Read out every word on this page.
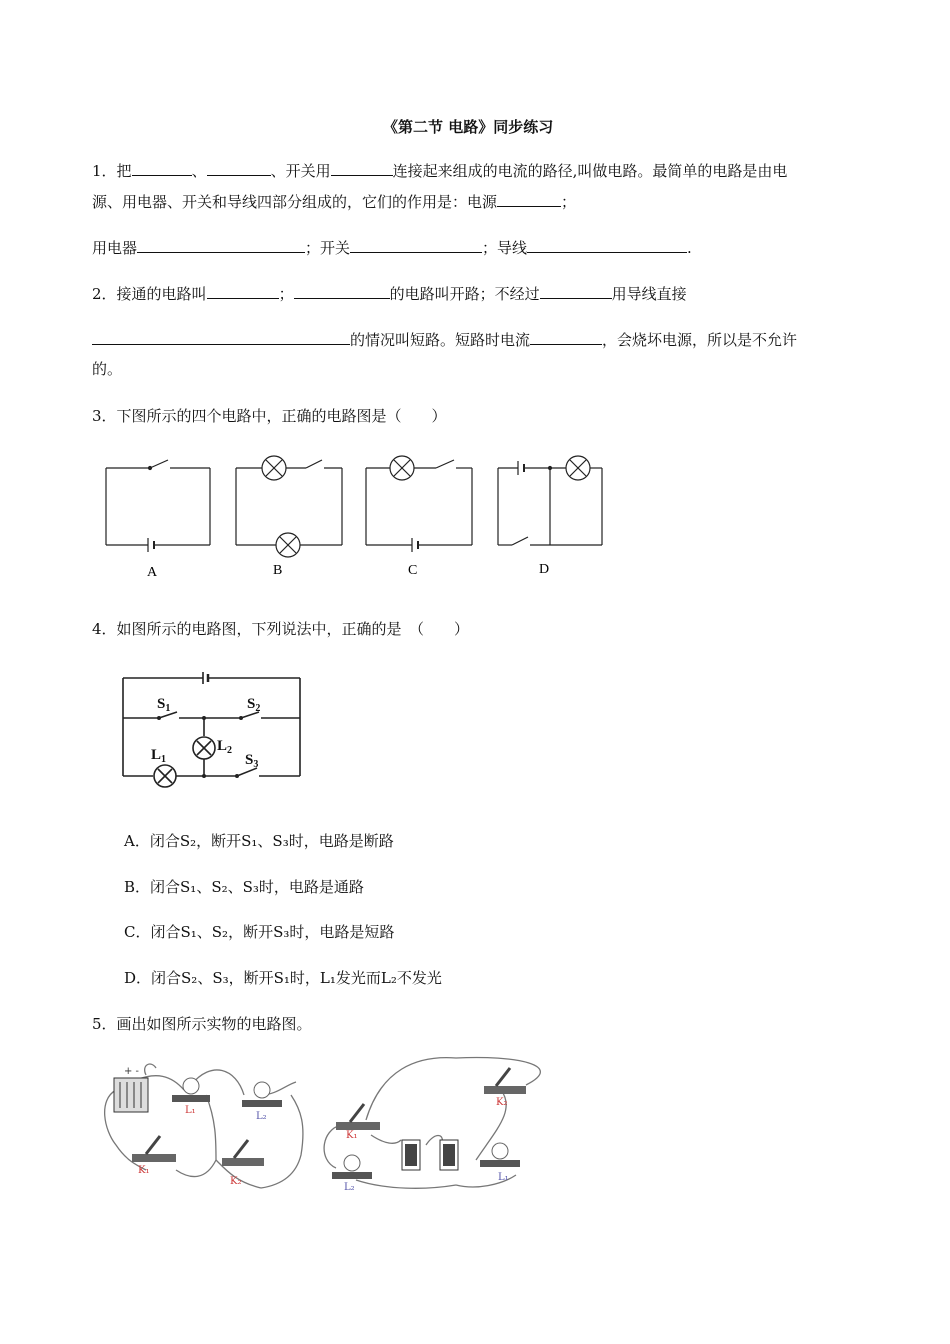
《第二节 电路》同步练习
1．把	、	、开关用	连接起来组成的电流的路径,叫做电路。最简单的电路是由电
源、用电器、开关和导线四部分组成的，它们的作用是：电源	；
用电器	；开关	；导线	.
2．接通的电路叫	；	的电路叫开路；不经过	用导线直接
的情况叫短路。短路时电流	，会烧坏电源，所以是不允许
的。
3．下图所示的四个电路中，正确的电路图是（　　）
A	B	C	D
4．如图所示的电路图，下列说法中，正确的是　（　　）
$S_1$	$S_2$
$S_3$
$L_1$
$L_2$
A．闭合S₂，断开S₁、S₃时，电路是断路
B．闭合S₁、S₂、S₃时，电路是通路
C．闭合S₁、S₂，断开S₃时，电路是短路
D．闭合S₂、S₃，断开S₁时，L₁发光而L₂不发光
5．画出如图所示实物的电路图。
+ -
L₁
L₂
K₁
K₂
K₁
K₂
L₂
L₁
